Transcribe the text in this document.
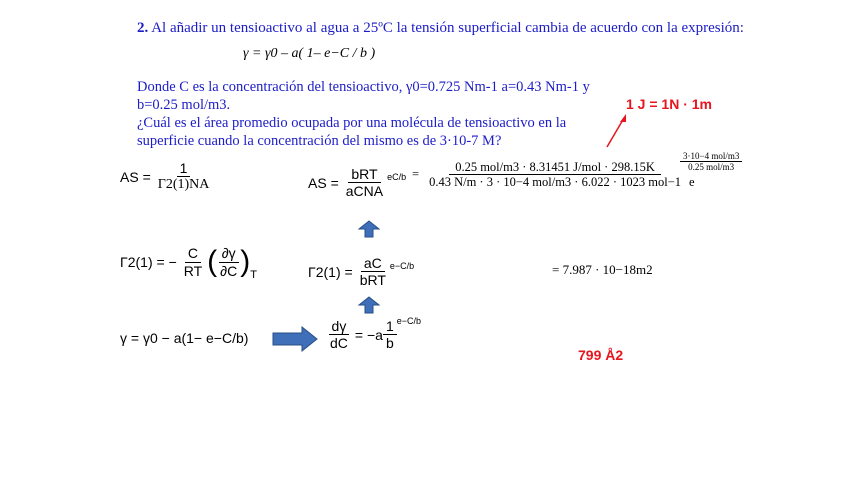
2. Al añadir un tensioactivo al agua a 25ºC la tensión superficial cambia de acuerdo con la expresión:
γ = γ0 – a( 1– e−C / b )
Donde C es la concentración del tensioactivo, γ0=0.725 Nm-1 a=0.43 Nm-1 y
b=0.25 mol/m3.
¿Cuál es el área promedio ocupada por una molécula de tensioactivo en la
superficie cuando la concentración del mismo es de 3·10-7 M?
1 J = 1N · 1m
799 Å2
AS = $\frac{1}{\Gamma 2(1)NA}$
Γ2(1) = − $\frac{C}{RT}$ ( $\frac{\partial\gamma}{\partial C}$ ) T
γ = γ0 − a(1− e−C/b)	$\frac{d\gamma}{dC} = -a \frac{1}{b} e-C/b$
$\Gamma 2(1) = \frac{aC}{\text{bRT}} e-C/b$
AS = $\frac{\text{bRT}}{\text{aCNA}} eC/b = \frac{\text{0.25 mol/m3 · 8.31451 J/mol · 298.15K}}{\text{0.43 N/m · 3 · 10−4 mol/m3 · 6.022 · 1023 mol−1}}$ e
$\frac{\text{3·10−4 mol/m3}}{\text{0.25 mol/m3}}$
= 7.987 · 10−18m2
